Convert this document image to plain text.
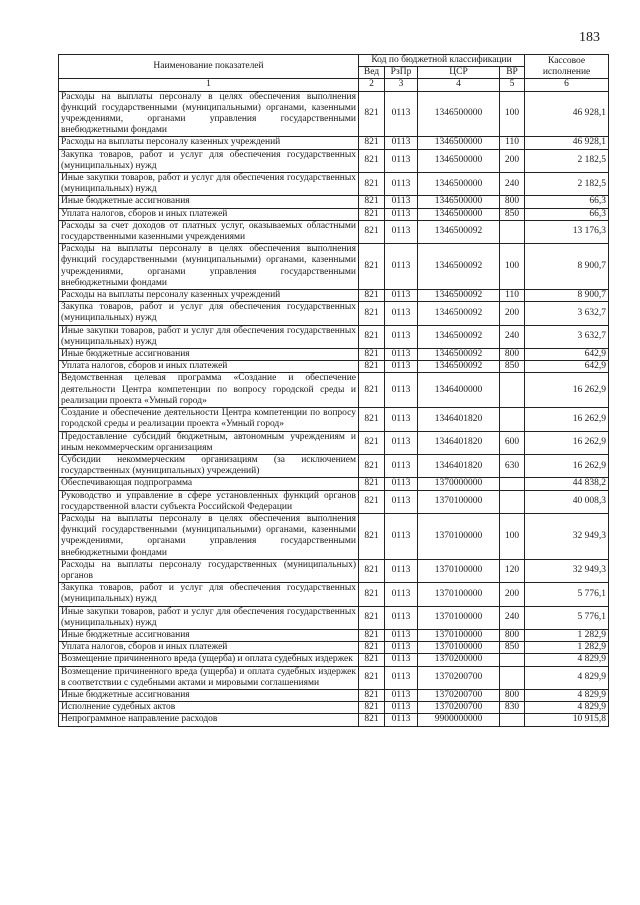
183
Наименование показателей	Код по бюджетной классификации				Кассовое исполнение
	Вед	РзПр	ЦСР	ВР	
1	2	3	4	5	6
Расходы на выплаты персоналу в целях обеспечения выполнения функций государственными (муниципальными) органами, казенными учреждениями, органами управления государственными внебюджетными фондами	821	0113	1346500000	100	46 928,1
Расходы на выплаты персоналу казенных учреждений	821	0113	1346500000	110	46 928,1
Закупка товаров, работ и услуг для обеспечения государственных (муниципальных) нужд	821	0113	1346500000	200	2 182,5
Иные закупки товаров, работ и услуг для обеспечения государственных (муниципальных) нужд	821	0113	1346500000	240	2 182,5
Иные бюджетные ассигнования	821	0113	1346500000	800	66,3
Уплата налогов, сборов и иных платежей	821	0113	1346500000	850	66,3
Расходы за счет доходов от платных услуг, оказываемых областными государственными казенными учреждениями	821	0113	1346500092		13 176,3
Расходы на выплаты персоналу в целях обеспечения выполнения функций государственными (муниципальными) органами, казенными учреждениями, органами управления государственными внебюджетными фондами	821	0113	1346500092	100	8 900,7
Расходы на выплаты персоналу казенных учреждений	821	0113	1346500092	110	8 900,7
Закупка товаров, работ и услуг для обеспечения государственных (муниципальных) нужд	821	0113	1346500092	200	3 632,7
Иные закупки товаров, работ и услуг для обеспечения государственных (муниципальных) нужд	821	0113	1346500092	240	3 632,7
Иные бюджетные ассигнования	821	0113	1346500092	800	642,9
Уплата налогов, сборов и иных платежей	821	0113	1346500092	850	642,9
Ведомственная целевая программа «Создание и обеспечение деятельности Центра компетенции по вопросу городской среды и реализации проекта «Умный город»	821	0113	1346400000		16 262,9
Создание и обеспечение деятельности Центра компетенции по вопросу городской среды и реализации проекта «Умный город»	821	0113	1346401820		16 262,9
Предоставление субсидий бюджетным, автономным учреждениям и иным некоммерческим организациям	821	0113	1346401820	600	16 262,9
Субсидии некоммерческим организациям (за исключением государственных (муниципальных) учреждений)	821	0113	1346401820	630	16 262,9
Обеспечивающая подпрограмма	821	0113	1370000000		44 838,2
Руководство и управление в сфере установленных функций органов государственной власти субъекта Российской Федерации	821	0113	1370100000		40 008,3
Расходы на выплаты персоналу в целях обеспечения выполнения функций государственными (муниципальными) органами, казенными учреждениями, органами управления государственными внебюджетными фондами	821	0113	1370100000	100	32 949,3
Расходы на выплаты персоналу государственных (муниципальных) органов	821	0113	1370100000	120	32 949,3
Закупка товаров, работ и услуг для обеспечения государственных (муниципальных) нужд	821	0113	1370100000	200	5 776,1
Иные закупки товаров, работ и услуг для обеспечения государственных (муниципальных) нужд	821	0113	1370100000	240	5 776,1
Иные бюджетные ассигнования	821	0113	1370100000	800	1 282,9
Уплата налогов, сборов и иных платежей	821	0113	1370100000	850	1 282,9
Возмещение причиненного вреда (ущерба) и оплата судебных издержек	821	0113	1370200000		4 829,9
Возмещение причиненного вреда (ущерба) и оплата судебных издержек в соответствии с судебными актами и мировыми соглашениями	821	0113	1370200700		4 829,9
Иные бюджетные ассигнования	821	0113	1370200700	800	4 829,9
Исполнение судебных актов	821	0113	1370200700	830	4 829,9
Непрограммное направление расходов	821	0113	9900000000		10 915,8
